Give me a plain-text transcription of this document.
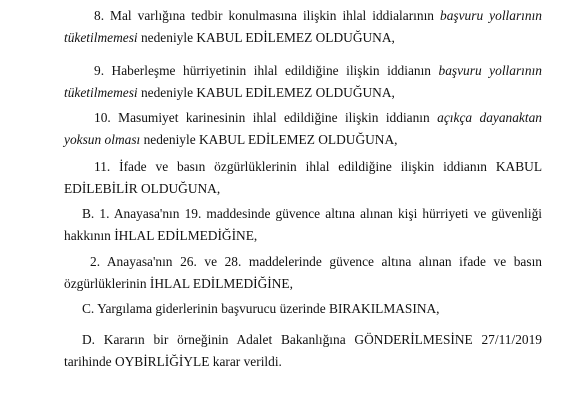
8. Mal varlığına tedbir konulmasına ilişkin ihlal iddialarının başvuru yollarının
tüketilmemesi nedeniyle KABUL EDİLEMEZ OLDUĞUNA,
9. Haberleşme hürriyetinin ihlal edildiğine ilişkin iddianın başvuru yollarının
tüketilmemesi nedeniyle KABUL EDİLEMEZ OLDUĞUNA,
10. Masumiyet karinesinin ihlal edildiğine ilişkin iddianın açıkça dayanaktan
yoksun olması nedeniyle KABUL EDİLEMEZ OLDUĞUNA,
11. İfade ve basın özgürlüklerinin ihlal edildiğine ilişkin iddianın KABUL
EDİLEBİLİR OLDUĞUNA,
B. 1. Anayasa'nın 19. maddesinde güvence altına alınan kişi hürriyeti ve güvenliği
hakkının İHLAL EDİLMEDİĞİNE,
2. Anayasa'nın 26. ve 28. maddelerinde güvence altına alınan ifade ve basın
özgürlüklerinin İHLAL EDİLMEDİĞİNE,
C. Yargılama giderlerinin başvurucu üzerinde BIRAKILMASINA,
D. Kararın bir örneğinin Adalet Bakanlığına GÖNDERİLMESİNE 27/11/2019
tarihinde OYBİRLİĞİYLE karar verildi.
